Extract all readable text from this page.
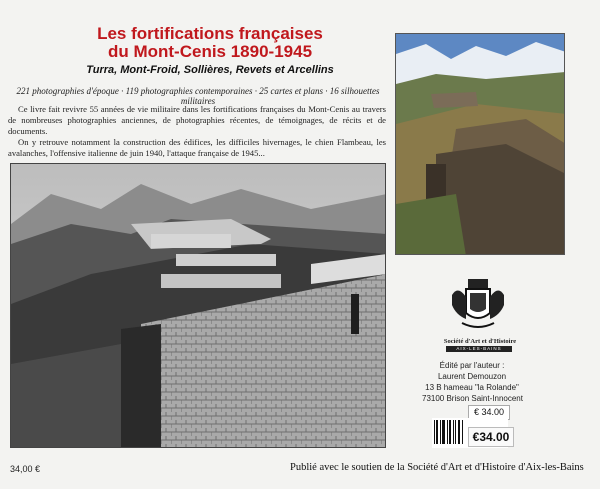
Les fortifications françaises
du Mont-Cenis 1890-1945
Turra, Mont-Froid, Sollières, Revets et Arcellins
221 photographies d'époque · 119 photographies contemporaines · 25 cartes et plans · 16 silhouettes militaires

Ce livre fait revivre 55 années de vie militaire dans les fortifications françaises du Mont-Cenis au travers de nombreuses photographies anciennes, de photographies récentes, de témoignages, de récits et de documents.

On y retrouve notamment la construction des édifices, les difficiles hivernages, le chien Flambeau, les avalanches, l'offensive italienne de juin 1940, l'attaque française de 1945...

Société d'Art et d'Histoire
AIX-LES-BAINS
Édité par l'auteur :
Laurent Demouzon
13 B hameau "la Rolande"
73100 Brison Saint-Innocent
€ 34.00
€34.00
34,00 €	Publié avec le soutien de la Société d'Art et d'Histoire d'Aix-les-Bains
